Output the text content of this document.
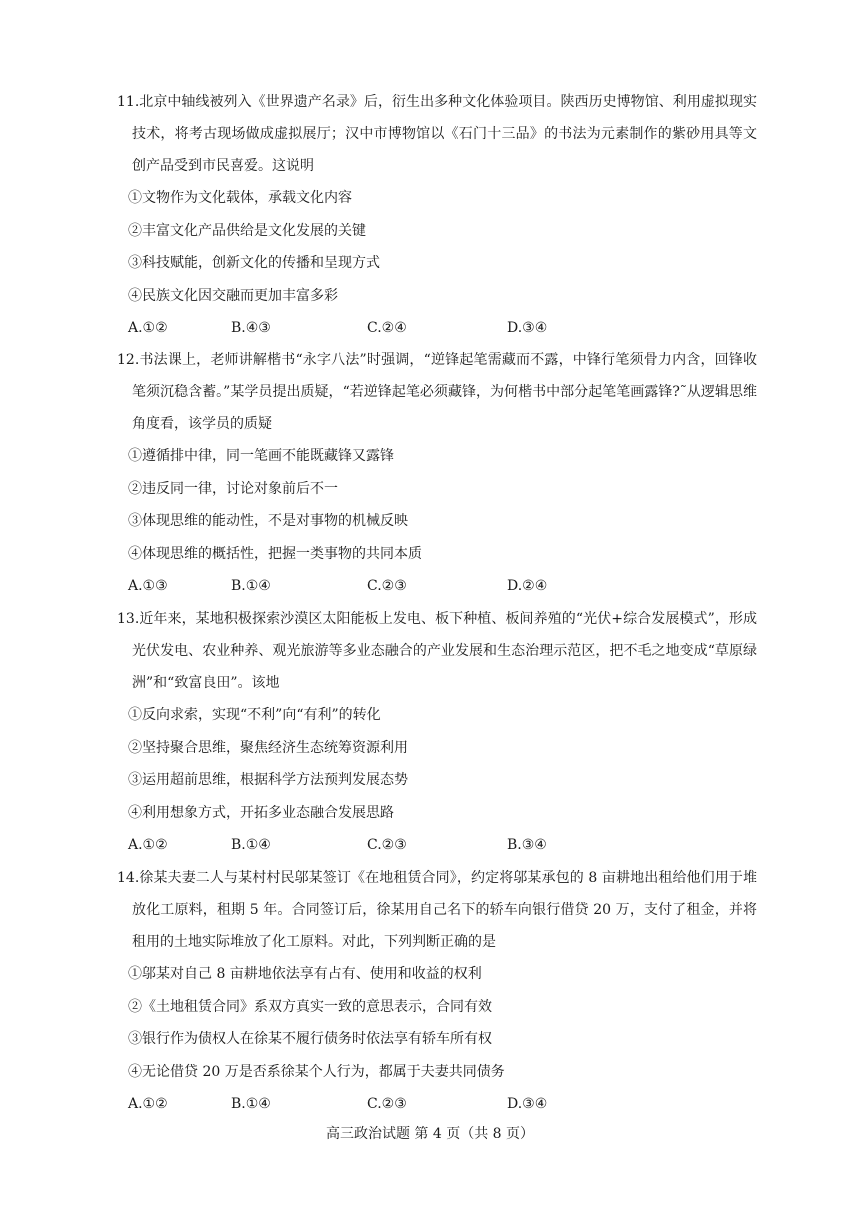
11.北京中轴线被列入《世界遗产名录》后，衍生出多种文化体验项目。陕西历史博物馆、利用虚拟现实技术，将考古现场做成虚拟展厅；汉中市博物馆以《石门十三品》的书法为元素制作的紫砂用具等文创产品受到市民喜爱。这说明

①文物作为文化载体，承载文化内容

②丰富文化产品供给是文化发展的关键

③科技赋能，创新文化的传播和呈现方式

④民族文化因交融而更加丰富多彩

A.①②	B.④③	C.②④	D.③④

12.书法课上，老师讲解楷书“永字八法”时强调，“逆锋起笔需藏而不露，中锋行笔须骨力内含，回锋收笔须沉稳含蓄。”某学员提出质疑，“若逆锋起笔必须藏锋，为何楷书中部分起笔笔画露锋?˜从逻辑思维角度看，该学员的质疑

①遵循排中律，同一笔画不能既藏锋又露锋

②违反同一律，讨论对象前后不一

③体现思维的能动性，不是对事物的机械反映

④体现思维的概括性，把握一类事物的共同本质

A.①③	B.①④	C.②③	D.②④

13.近年来，某地积极探索沙漠区太阳能板上发电、板下种植、板间养殖的“光伏+综合发展模式”，形成光伏发电、农业种养、观光旅游等多业态融合的产业发展和生态治理示范区，把不毛之地变成“草原绿洲”和“致富良田”。该地

①反向求索，实现“不利”向“有利”的转化

②坚持聚合思维，聚焦经济生态统筹资源利用

③运用超前思维，根据科学方法预判发展态势

④利用想象方式，开拓多业态融合发展思路

A.①②	B.①④	C.②③	B.③④

14.徐某夫妻二人与某村村民邬某签订《在地租赁合同》，约定将邬某承包的 8 亩耕地出租给他们用于堆放化工原料，租期 5 年。合同签订后，徐某用自己名下的轿车向银行借贷 20 万，支付了租金，并将租用的土地实际堆放了化工原料。对此，下列判断正确的是

①邬某对自己 8 亩耕地依法享有占有、使用和收益的权利

②《土地租赁合同》系双方真实一致的意思表示，合同有效

③银行作为债权人在徐某不履行债务时依法享有轿车所有权

④无论借贷 20 万是否系徐某个人行为，都属于夫妻共同债务

A.①②	B.①④	C.②③	D.③④
高三政治试题 第 4 页（共 8 页）
